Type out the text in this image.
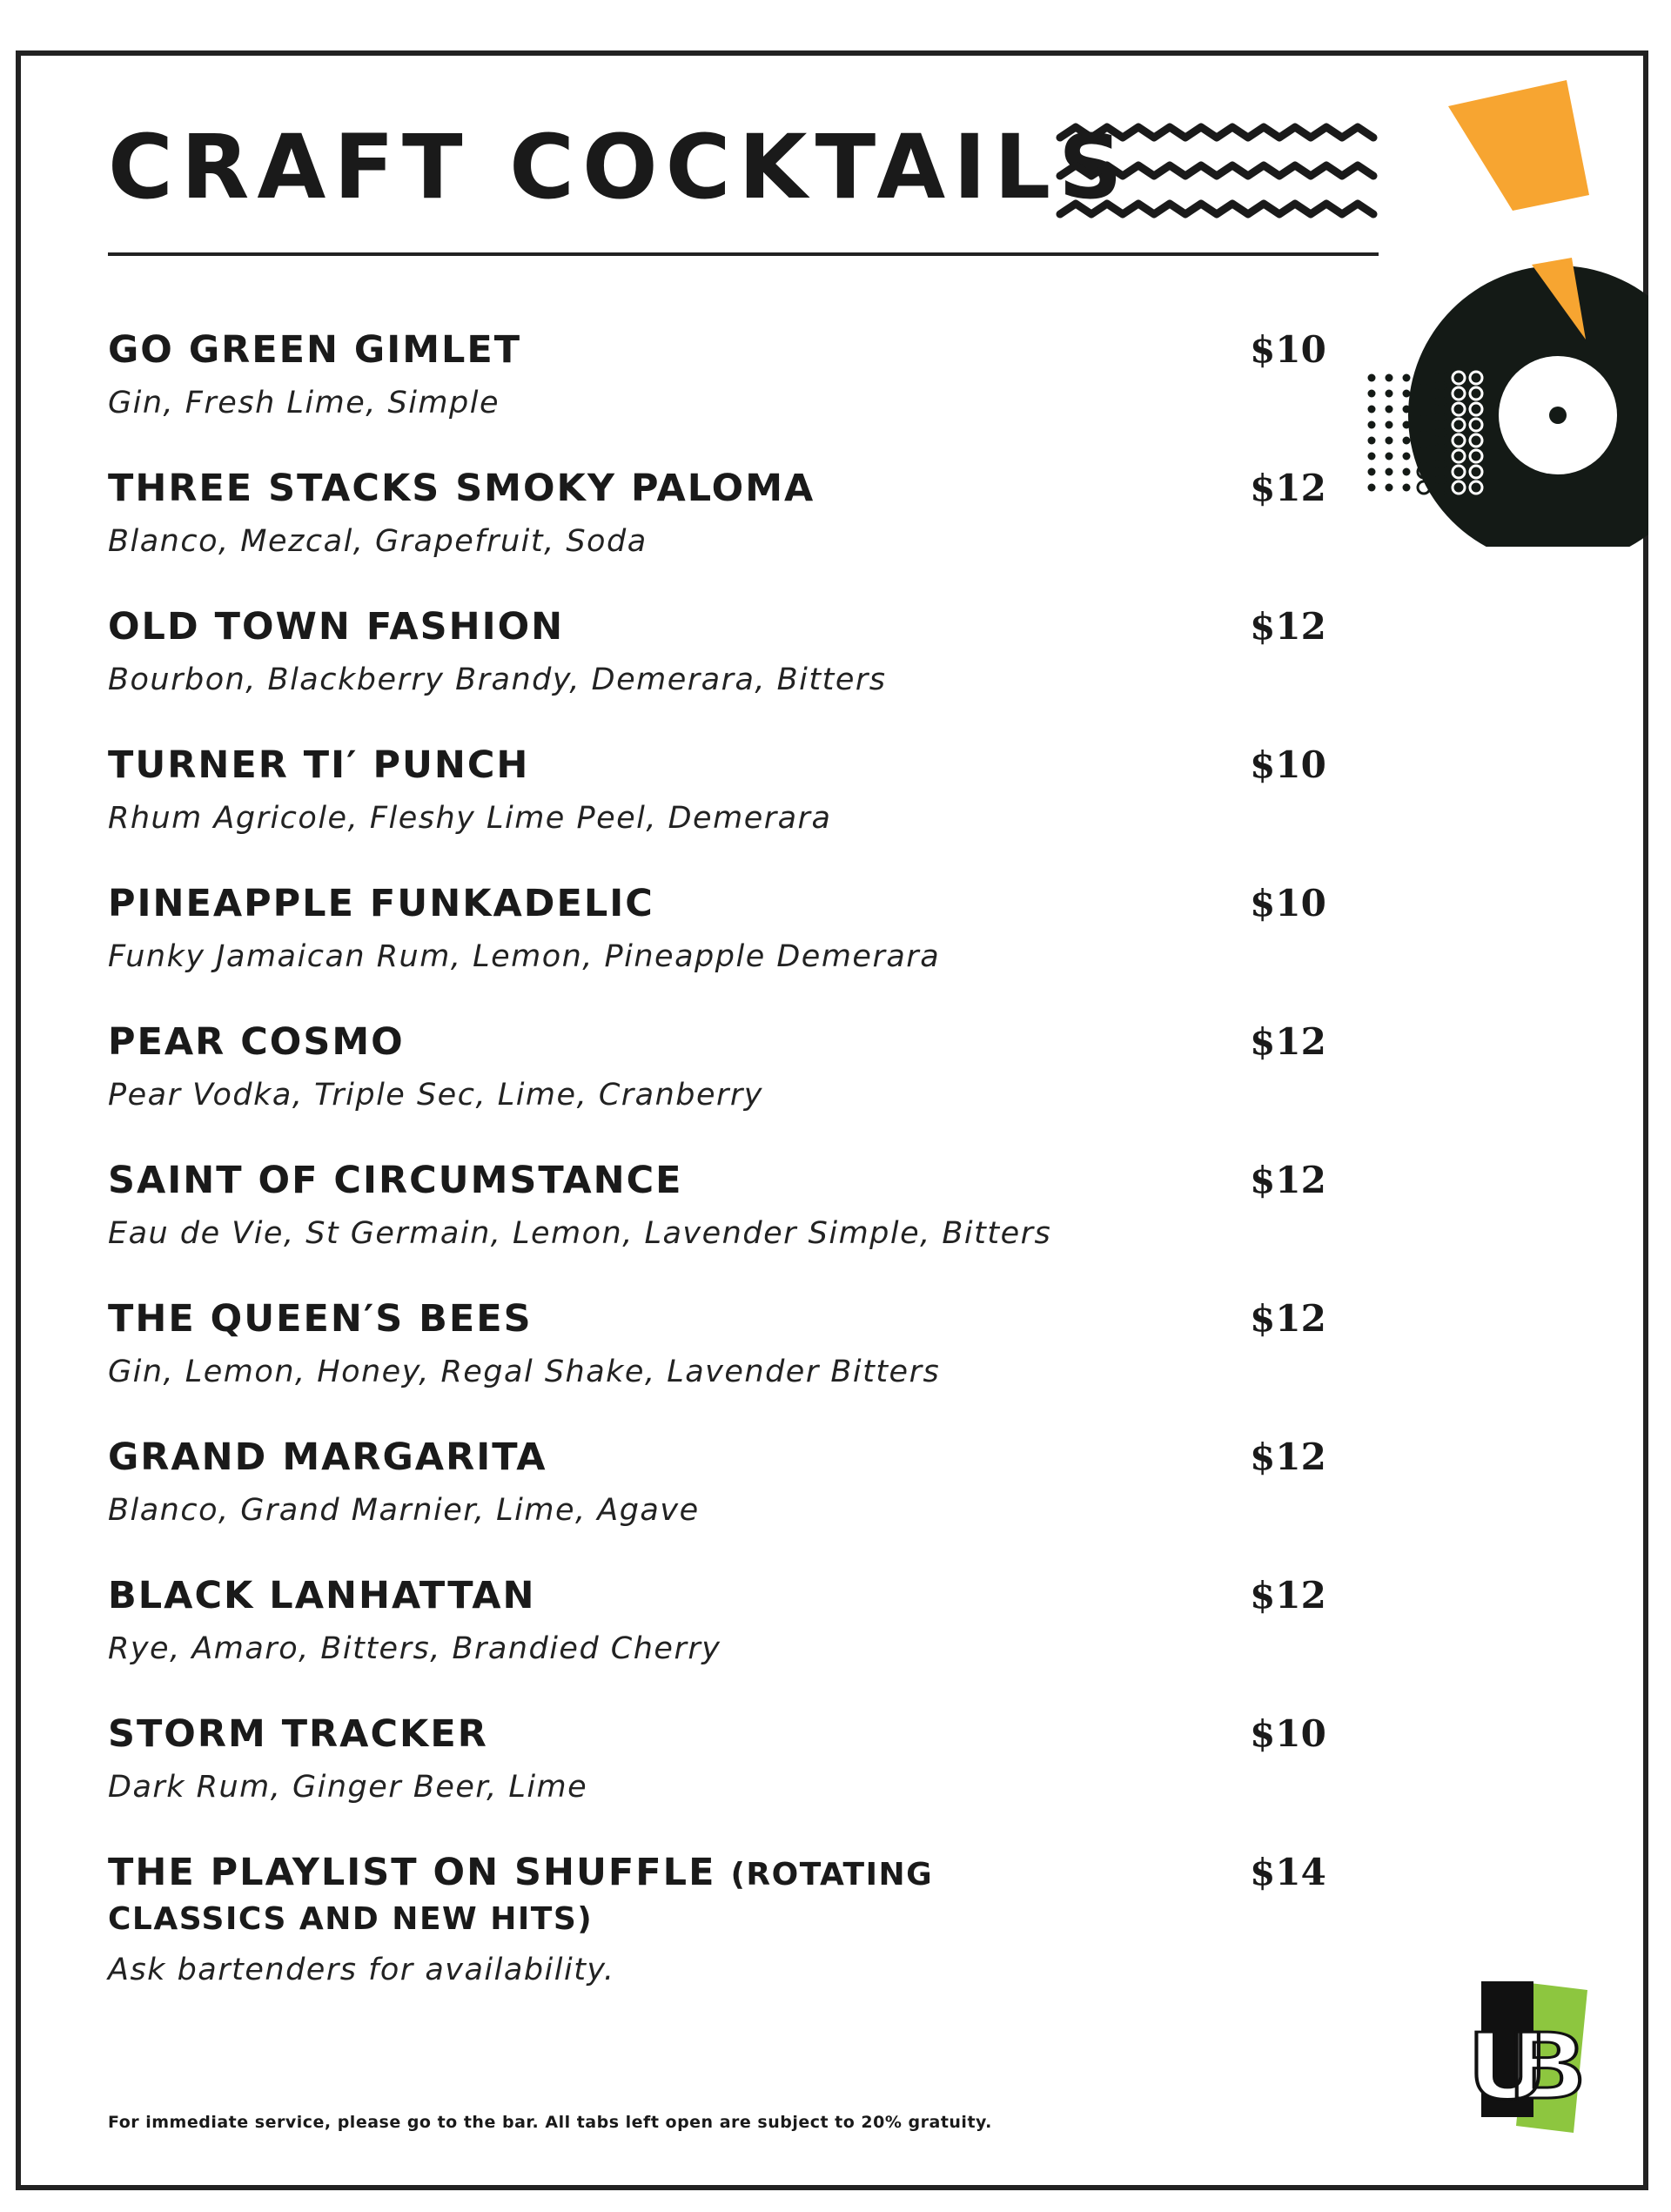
CRAFT COCKTAILS
GO GREEN GIMLET
Gin, Fresh Lime, Simple
THREE STACKS SMOKY PALOMA
Blanco, Mezcal, Grapefruit, Soda
OLD TOWN FASHION
Bourbon, Blackberry Brandy, Demerara, Bitters
TURNER TI′ PUNCH
Rhum Agricole, Fleshy Lime Peel, Demerara
PINEAPPLE FUNKADELIC
Funky Jamaican Rum, Lemon, Pineapple Demerara
PEAR COSMO
Pear Vodka, Triple Sec, Lime, Cranberry
SAINT OF CIRCUMSTANCE
Eau de Vie, St Germain, Lemon, Lavender Simple, Bitters
THE QUEEN′S BEES
Gin, Lemon, Honey, Regal Shake, Lavender Bitters
GRAND MARGARITA
Blanco, Grand Marnier, Lime, Agave
BLACK LANHATTAN
Rye, Amaro, Bitters, Brandied Cherry
STORM TRACKER
Dark Rum, Ginger Beer, Lime
THE PLAYLIST ON SHUFFLE (ROTATING CLASSICS AND NEW HITS)
Ask bartenders for availability.
$10
$12
$12
$10
$10
$12
$12
$12
$12
$12
$10
$14
For immediate service, please go to the bar. All tabs left open are subject to 20% gratuity.
UB
